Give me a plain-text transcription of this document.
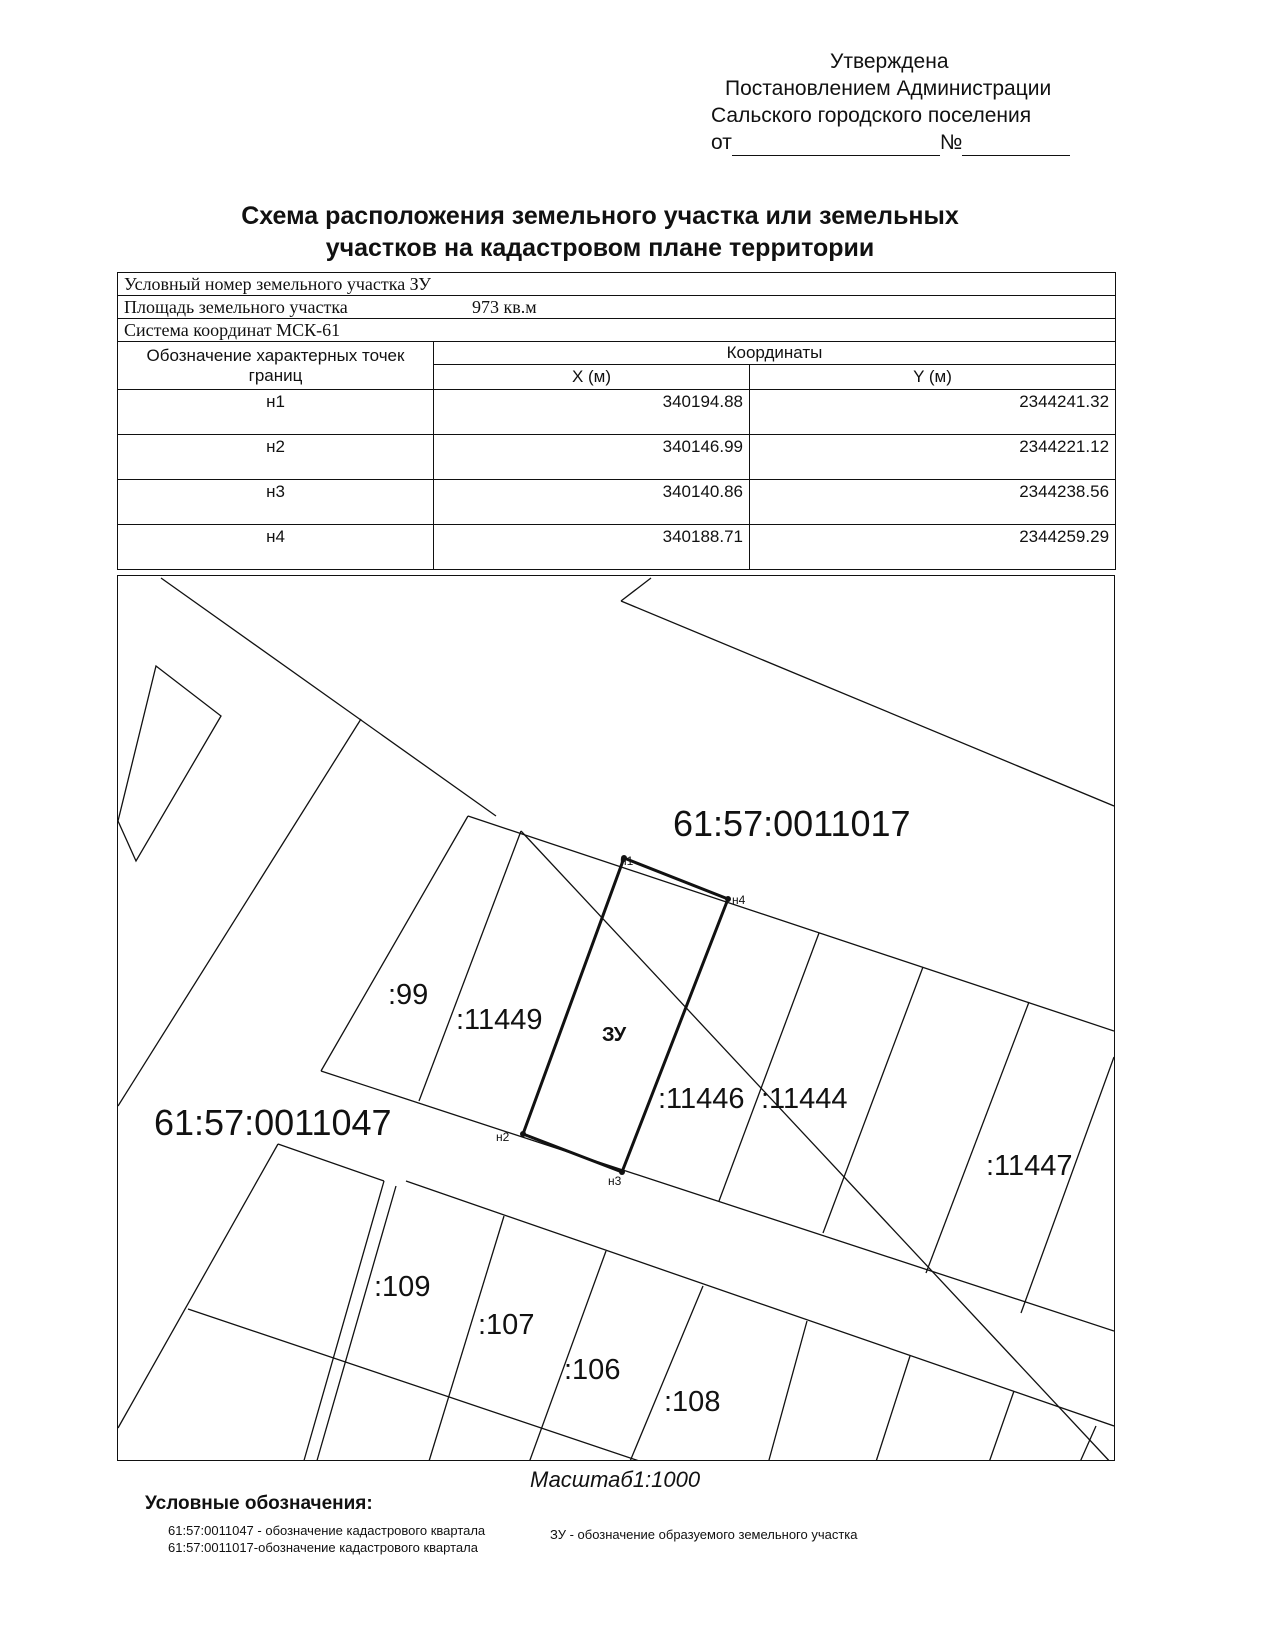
Утверждена
Постановлением Администрации
Сальского городского поселения
от	№
Схема расположения земельного участка или земельных
участков на кадастровом плане территории
Условный номер земельного участка ЗУ		
Площадь земельного участка 973 кв.м		
Система координат МСК-61		
Обозначение характерных точек границ	Координаты	
	Х (м)	Y (м)
н1	340194.88	2344241.32
н2	340146.99	2344221.12
н3	340140.86	2344238.56
н4	340188.71	2344259.29
61:57:0011017
61:57:0011047
:99
:11449	ЗУ
:11446 :11444
:11447
:109
:107
:106
:108
н1
н2
н3
н4
Масштаб1:1000
Условные обозначения:
61:57:0011047 - обозначение кадастрового квартала
61:57:0011017-обозначение кадастрового квартала
ЗУ - обозначение образуемого земельного участка
